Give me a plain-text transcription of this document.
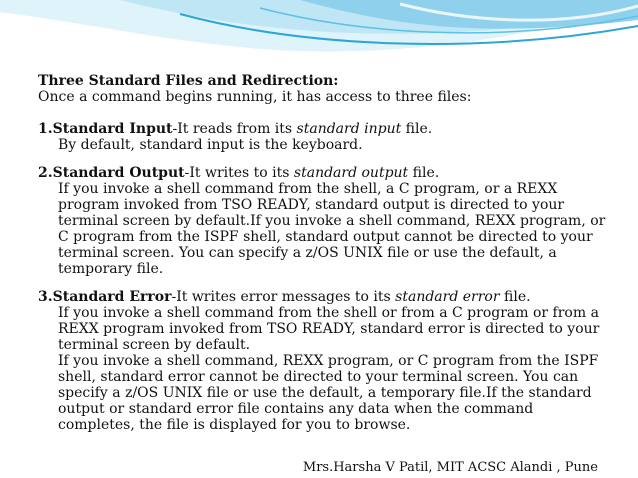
Three Standard Files and Redirection:

Once a command begins running, it has access to three files:

1.Standard Input-It reads from its standard input file.

By default, standard input is the keyboard.

2.Standard Output-It writes to its standard output file.

If you invoke a shell command from the shell, a C program, or a REXX program invoked from TSO READY, standard output is directed to your terminal screen by default.If you invoke a shell command, REXX program, or C program from the ISPF shell, standard output cannot be directed to your terminal screen. You can specify a z/OS UNIX file or use the default, a temporary file.

3.Standard Error-It writes error messages to its standard error file.

If you invoke a shell command from the shell or from a C program or from a REXX program invoked from TSO READY, standard error is directed to your terminal screen by default.

If you invoke a shell command, REXX program, or C program from the ISPF shell, standard error cannot be directed to your terminal screen. You can specify a z/OS UNIX file or use the default, a temporary file.If the standard output or standard error file contains any data when the command completes, the file is displayed for you to browse.

Mrs.Harsha V Patil, MIT ACSC Alandi , Pune
